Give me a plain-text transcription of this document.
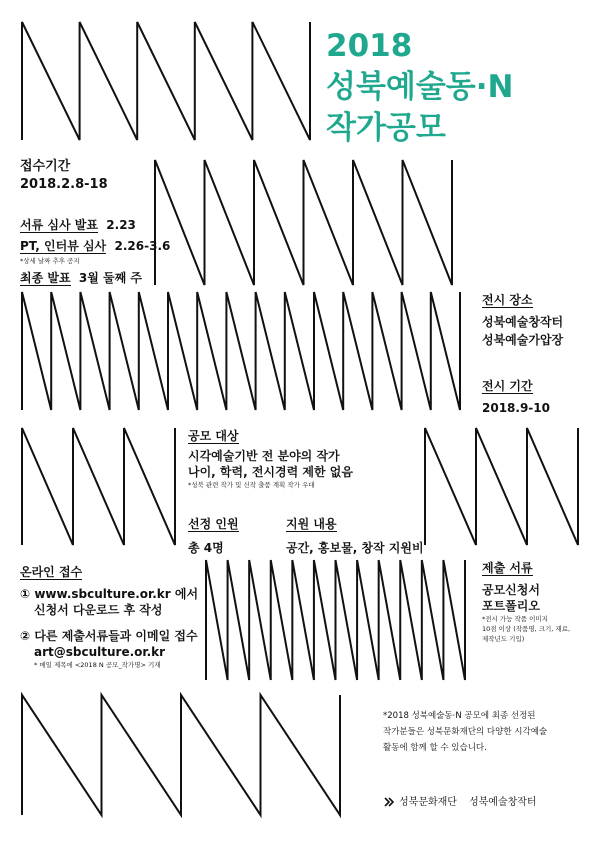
2018
성북예술동·N
작가공모
접수기간
2018.2.8-18
서류 심사 발표 2.23
PT, 인터뷰 심사 2.26-3.6
*상세 날짜 추후 공지
최종 발표 3월 둘째 주
전시 장소
성북예술창작터
성북예술가압장
전시 기간
2018.9-10
공모 대상
시각예술기반 전 분야의 작가
나이, 학력, 전시경력 제한 없음
*성북 관련 작가 및 신작 출품 계획 작가 우대
선정 인원
총 4명
지원 내용
공간, 홍보물, 창작 지원비
온라인 접수
① www.sbculture.or.kr 에서
신청서 다운로드 후 작성
② 다른 제출서류들과 이메일 접수
art@sbculture.or.kr
* 메일 제목에 <2018 N 공모_작가명> 기재
제출 서류
공모신청서
포트폴리오
*전시 가능 작품 이미지
10점 이상 (작품명, 크기, 재료,
제작년도 기입)
*2018 성북예술동·N 공모에 최종 선정된
작가분들은 성북문화재단의 다양한 시각예술
활동에 함께 할 수 있습니다.
성북문화재단 성북예술창작터
